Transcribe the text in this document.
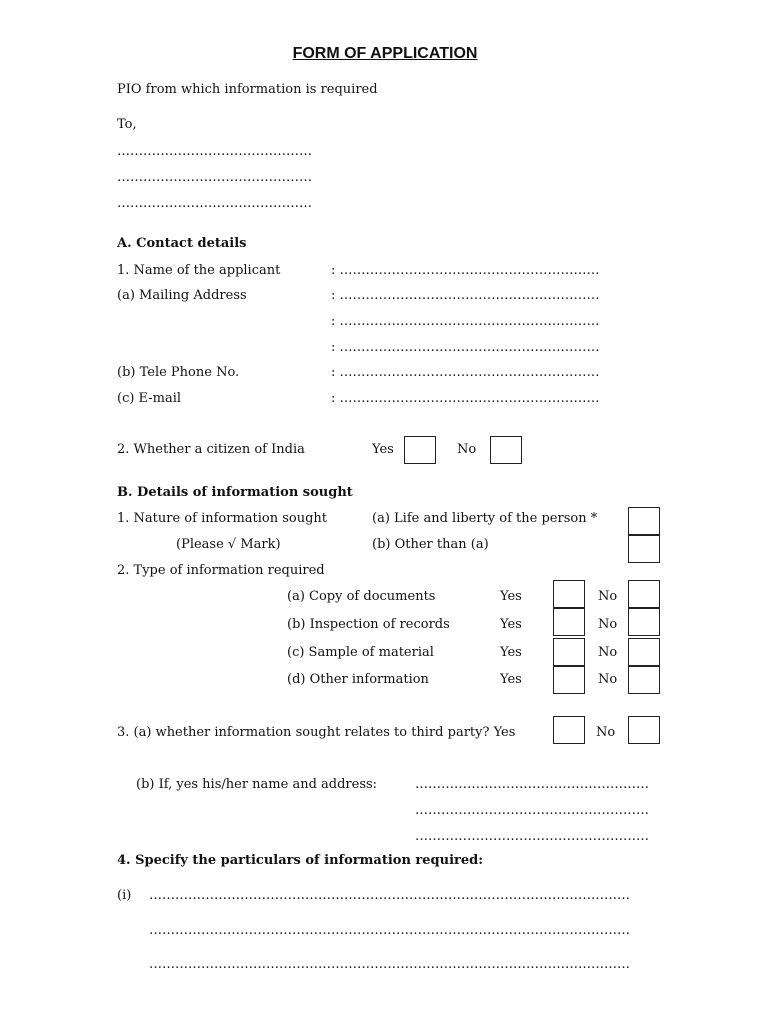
FORM OF APPLICATION
PIO from which information is required
To,
………………………………………
………………………………………
………………………………………
A. Contact details
1. Name of the applicant	: ……………………………………………………
(a) Mailing Address	: ……………………………………………………
: ……………………………………………………
: ……………………………………………………
(b) Tele Phone No.	: ……………………………………………………
(c) E-mail	: ……………………………………………………
2. Whether a citizen of India	Yes	No
B. Details of information sought
1. Nature of information sought	(a) Life and liberty of the person *
(Please √ Mark)	(b) Other than (a)
2. Type of information required
(a) Copy of documents	Yes	No
(b) Inspection of records	Yes	No
(c) Sample of material	Yes	No
(d) Other information	Yes	No
3. (a) whether information sought relates to third party? Yes	No
(b) If, yes his/her name and address:	………………………………………………
………………………………………………
………………………………………………
4. Specify the particulars of information required:
(i) …………………………………………………………………………………………………
…………………………………………………………………………………………………
…………………………………………………………………………………………………
